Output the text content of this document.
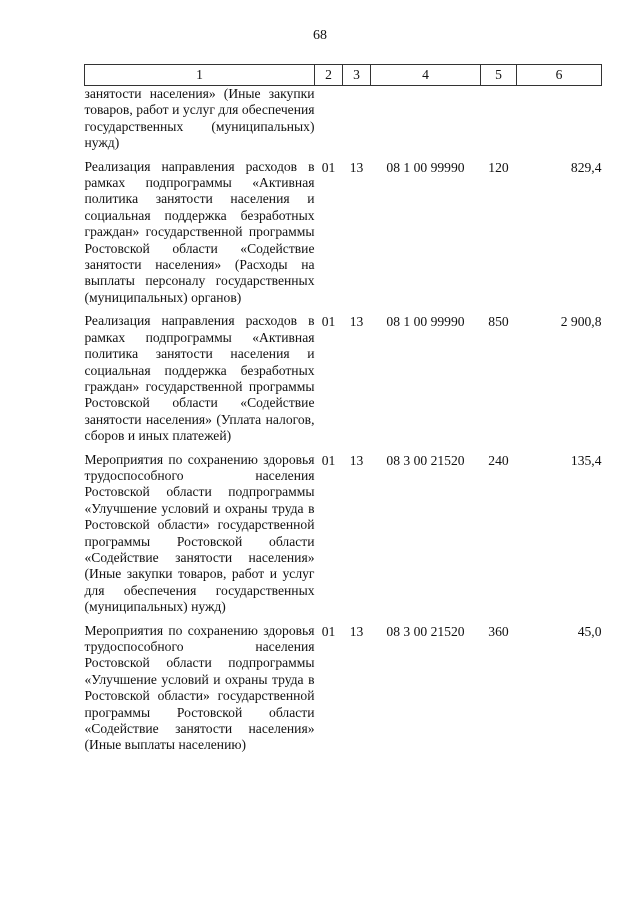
68
1	2	3	4	5	6
занятости населения» (Иные закупки товаров, работ и услуг для обеспечения государственных (муниципальных) нужд)					
Реализация направления расходов в рамках подпрограммы «Активная политика занятости населения и социальная поддержка безработных граждан» государственной программы Ростовской области «Содействие занятости населения» (Расходы на выплаты персоналу государственных (муниципальных) органов)	01	13	08 1 00 99990	120	829,4
Реализация направления расходов в рамках подпрограммы «Активная политика занятости населения и социальная поддержка безработных граждан» государственной программы Ростовской области «Содействие занятости населения» (Уплата налогов, сборов и иных платежей)	01	13	08 1 00 99990	850	2 900,8
Мероприятия по сохранению здоровья трудоспособного населения Ростовской области подпрограммы «Улучшение условий и охраны труда в Ростовской области» государственной программы Ростовской области «Содействие занятости населения» (Иные закупки товаров, работ и услуг для обеспечения государственных (муниципальных) нужд)	01	13	08 3 00 21520	240	135,4
Мероприятия по сохранению здоровья трудоспособного населения Ростовской области подпрограммы «Улучшение условий и охраны труда в Ростовской области» государственной программы Ростовской области «Содействие занятости населения» (Иные выплаты населению)	01	13	08 3 00 21520	360	45,0
